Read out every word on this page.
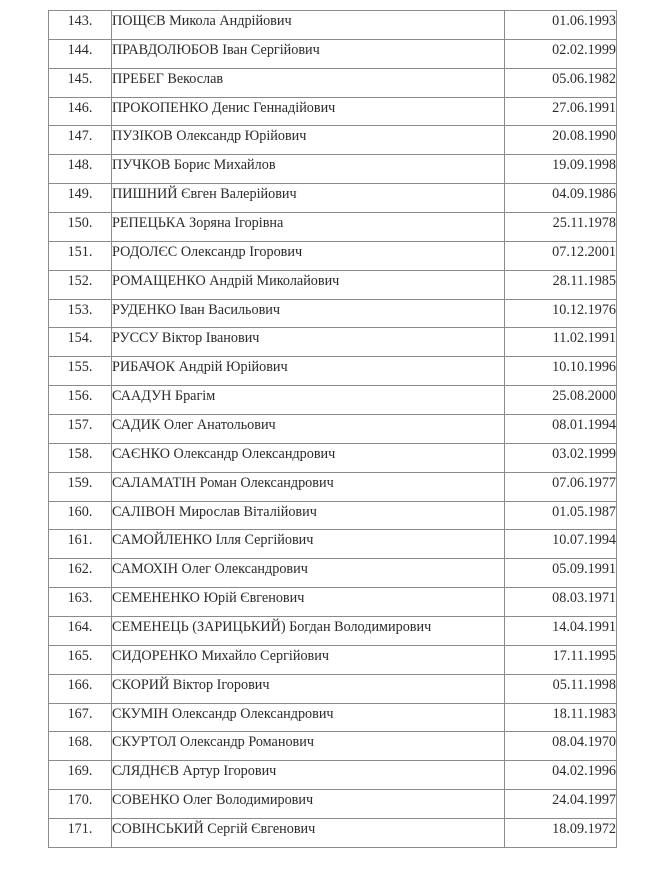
143.	ПОЩЄВ Микола Андрійович	01.06.1993
144.	ПРАВДОЛЮБОВ Іван Сергійович	02.02.1999
145.	ПРЕБЕГ Векослав	05.06.1982
146.	ПРОКОПЕНКО Денис Геннадійович	27.06.1991
147.	ПУЗІКОВ Олександр Юрійович	20.08.1990
148.	ПУЧКОВ Борис Михайлов	19.09.1998
149.	ПИШНИЙ Євген Валерійович	04.09.1986
150.	РЕПЕЦЬКА Зоряна Ігорівна	25.11.1978
151.	РОДОЛЄС Олександр Ігорович	07.12.2001
152.	РОМАЩЕНКО Андрій Миколайович	28.11.1985
153.	РУДЕНКО Іван Васильович	10.12.1976
154.	РУССУ Віктор Іванович	11.02.1991
155.	РИБАЧОК Андрій Юрійович	10.10.1996
156.	СААДУН Брагім	25.08.2000
157.	САДИК Олег Анатольович	08.01.1994
158.	САЄНКО Олександр Олександрович	03.02.1999
159.	САЛАМАТІН Роман Олександрович	07.06.1977
160.	САЛІВОН Мирослав Віталійович	01.05.1987
161.	САМОЙЛЕНКО Ілля Сергійович	10.07.1994
162.	САМОХІН Олег Олександрович	05.09.1991
163.	СЕМЕНЕНКО Юрій Євгенович	08.03.1971
164.	СЕМЕНЕЦЬ (ЗАРИЦЬКИЙ) Богдан Володимирович	14.04.1991
165.	СИДОРЕНКО Михайло Сергійович	17.11.1995
166.	СКОРИЙ Віктор Ігорович	05.11.1998
167.	СКУМІН Олександр Олександрович	18.11.1983
168.	СКУРТОЛ Олександр Романович	08.04.1970
169.	СЛЯДНЄВ Артур Ігорович	04.02.1996
170.	СОВЕНКО Олег Володимирович	24.04.1997
171.	СОВІНСЬКИЙ Сергій Євгенович	18.09.1972
